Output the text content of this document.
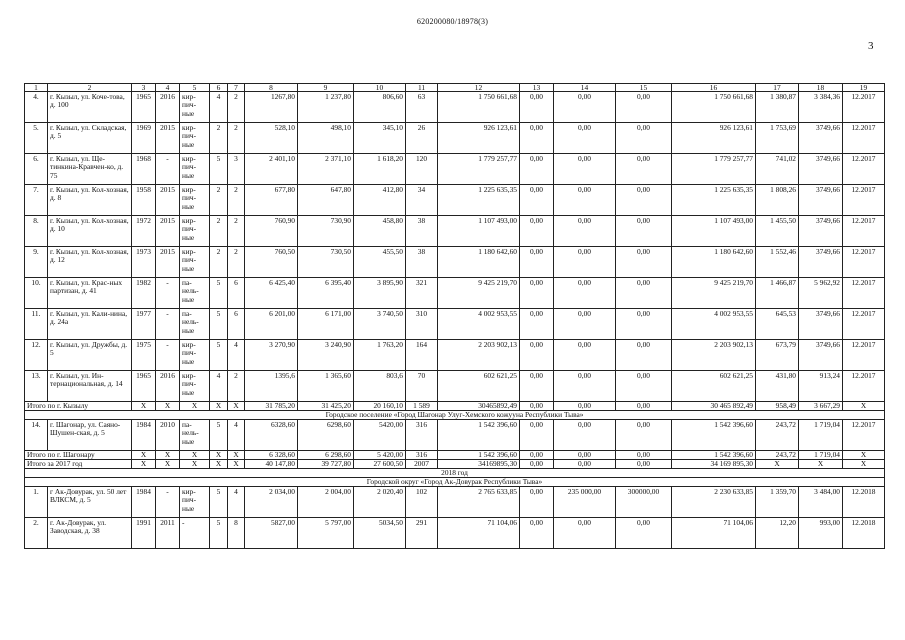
620200080/18978(3)
3
1	2	3	4	5	6	7	8	9	10	11	12	13	14	15	16	17	18	19
4.	г. Кызыл, ул. Коче-това, д. 100	1965	2016	кир-пич-ные	4	2	1267,80	1 237,80	806,60	63	1 750 661,68	0,00	0,00	0,00	1 750 661,68	1 380,87	3 384,36	12.2017
5.	г. Кызыл, ул. Складская, д. 5	1969	2015	кир-пич-ные	2	2	528,10	498,10	345,10	26	926 123,61	0,00	0,00	0,00	926 123,61	1 753,69	3749,66	12.2017
6.	г. Кызыл, ул. Ще-тинкина-Кравчен-ко, д. 75	1968	-	кир-пич-ные	5	3	2 401,10	2 371,10	1 618,20	120	1 779 257,77	0,00	0,00	0,00	1 779 257,77	741,02	3749,66	12.2017
7.	г. Кызыл, ул. Кол-хозная, д. 8	1958	2015	кир-пич-ные	2	2	677,80	647,80	412,80	34	1 225 635,35	0,00	0,00	0,00	1 225 635,35	1 808,26	3749,66	12.2017
8.	г. Кызыл, ул. Кол-хозная, д. 10	1972	2015	кир-пич-ные	2	2	760,90	730,90	458,80	38	1 107 493,00	0,00	0,00	0,00	1 107 493,00	1 455,50	3749,66	12.2017
9.	г. Кызыл, ул. Кол-хозная, д. 12	1973	2015	кир-пич-ные	2	2	760,50	730,50	455,50	38	1 180 642,60	0,00	0,00	0,00	1 180 642,60	1 552,46	3749,66	12.2017
10.	г. Кызыл, ул. Крас-ных партизан, д. 41	1982	-	па-нель-ные	5	6	6 425,40	6 395,40	3 895,90	321	9 425 219,70	0,00	0,00	0,00	9 425 219,70	1 466,87	5 962,92	12.2017
11.	г. Кызыл, ул. Кали-нина, д. 24а	1977	-	па-нель-ные	5	6	6 201,00	6 171,00	3 740,50	310	4 002 953,55	0,00	0,00	0,00	4 002 953,55	645,53	3749,66	12.2017
12.	г. Кызыл, ул. Дружбы, д. 5	1975	-	кир-пич-ные	5	4	3 270,90	3 240,90	1 763,20	164	2 203 902,13	0,00	0,00	0,00	2 203 902,13	673,79	3749,66	12.2017
13.	г. Кызыл, ул. Ин-тернациональная, д. 14	1965	2016	кир-пич-ные	4	2	1395,6	1 365,60	803,6	70	602 621,25	0,00	0,00	0,00	602 621,25	431,80	913,24	12.2017
Итого по г. Кызылу		Х	Х	Х	Х	Х	31 785,20	31 425,20	20 160,10	1 589	30465892,49	0,00	0,00	0,00	30 465 892,49	958,49	3 667,29	Х
Городское поселение «Город Шагонар Улуг-Хемского кожууна Республики Тыва»																		
14.	г. Шагонар, ул. Саяно-Шушен-ская, д. 5	1984	2010	па-нель-ные	5	4	6328,60	6298,60	5420,00	316	1 542 396,60	0,00	0,00	0,00	1 542 396,60	243,72	1 719,04	12.2017
Итого по г. Шагонару		Х	Х	Х	Х	Х	6 328,60	6 298,60	5 420,00	316	1 542 396,60	0,00	0,00	0,00	1 542 396,60	243,72	1 719,04	Х
Итого за 2017 год		Х	Х	Х	Х	Х	40 147,80	39 727,80	27 600,50	2007	34169895,30	0,00	0,00	0,00	34 169 895,30	Х	Х	Х
2018 год																		
Городской округ «Город Ак-Довурак Республики Тыва»																		
1.	г Ак-Довурак, ул. 50 лет ВЛКСМ, д. 5	1984	-	кир-пич-ные	5	4	2 034,00	2 004,00	2 020,40	102	2 765 633,85	0,00	235 000,00	300000,00	2 230 633,85	1 359,70	3 484,00	12.2018
2.	г. Ак-Довурак, ул. Заводская, д. 38	1991	2011	-	5	8	5827,00	5 797,00	5034,50	291	71 104,06	0,00	0,00	0,00	71 104,06	12,20	993,00	12.2018
